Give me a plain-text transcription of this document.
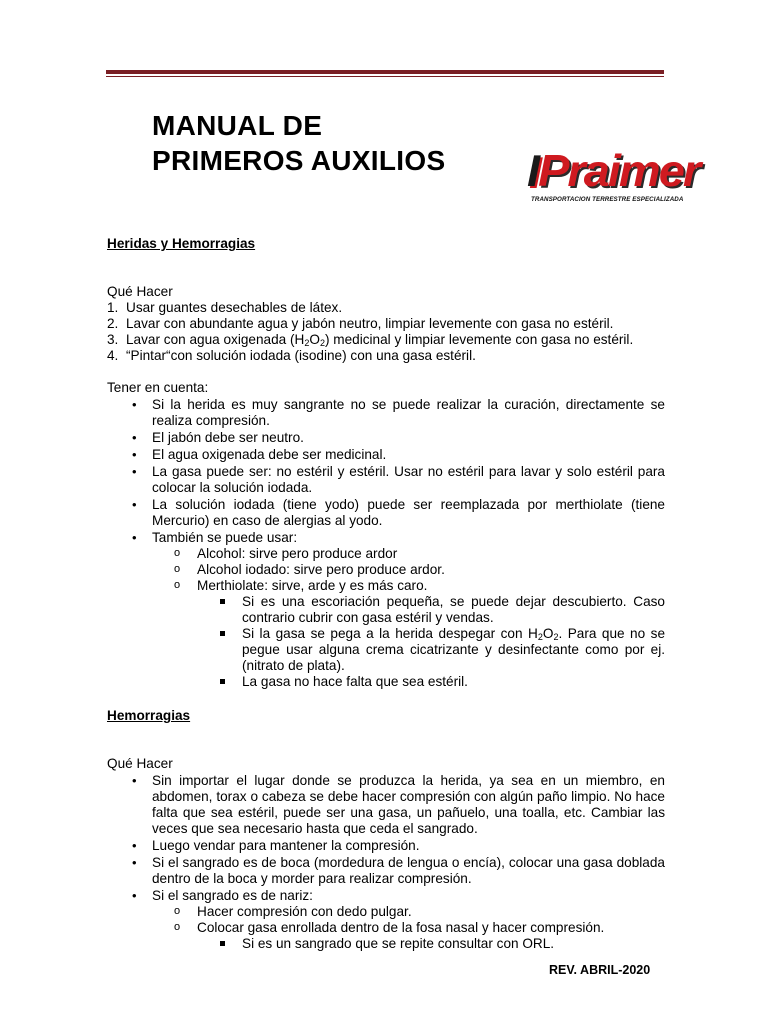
MANUAL DE
PRIMEROS AUXILIOS IPraimer
TRANSPORTACION TERRESTRE ESPECIALIZADA
Heridas y Hemorragias

Qué Hacer

1. Usar guantes desechables de látex.
2. Lavar con abundante agua y jabón neutro, limpiar levemente con gasa no estéril.
3. Lavar con agua oxigenada $(H_2O_2)$ medicinal y limpiar levemente con gasa no estéril.
4. “Pintar“con solución iodada (isodine) con una gasa estéril.

Tener en cuenta:

• Si la herida es muy sangrante no se puede realizar la curación, directamente se realiza compresión.
• El jabón debe ser neutro.
• El agua oxigenada debe ser medicinal.
• La gasa puede ser: no estéril y estéril. Usar no estéril para lavar y solo estéril para colocar la solución iodada.
• La solución iodada (tiene yodo) puede ser reemplazada por merthiolate (tiene Mercurio) en caso de alergias al yodo.
• También se puede usar:
o Alcohol: sirve pero produce ardor
o Alcohol iodado: sirve pero produce ardor.
o Merthiolate: sirve, arde y es más caro.
Si es una escoriación pequeña, se puede dejar descubierto. Caso contrario cubrir con gasa estéril y vendas.
Si la gasa se pega a la herida despegar con $H_2O_2$. Para que no se pegue usar alguna crema cicatrizante y desinfectante como por ej. (nitrato de plata).
La gasa no hace falta que sea estéril.
Hemorragias

Qué Hacer

• Sin importar el lugar donde se produzca la herida, ya sea en un miembro, en abdomen, torax o cabeza se debe hacer compresión con algún paño limpio. No hace falta que sea estéril, puede ser una gasa, un pañuelo, una toalla, etc. Cambiar las veces que sea necesario hasta que ceda el sangrado.
• Luego vendar para mantener la compresión.
• Si el sangrado es de boca (mordedura de lengua o encía), colocar una gasa doblada dentro de la boca y morder para realizar compresión.
• Si el sangrado es de nariz:
o Hacer compresión con dedo pulgar.
o Colocar gasa enrollada dentro de la fosa nasal y hacer compresión.
Si es un sangrado que se repite consultar con ORL.

REV. ABRIL-2020
